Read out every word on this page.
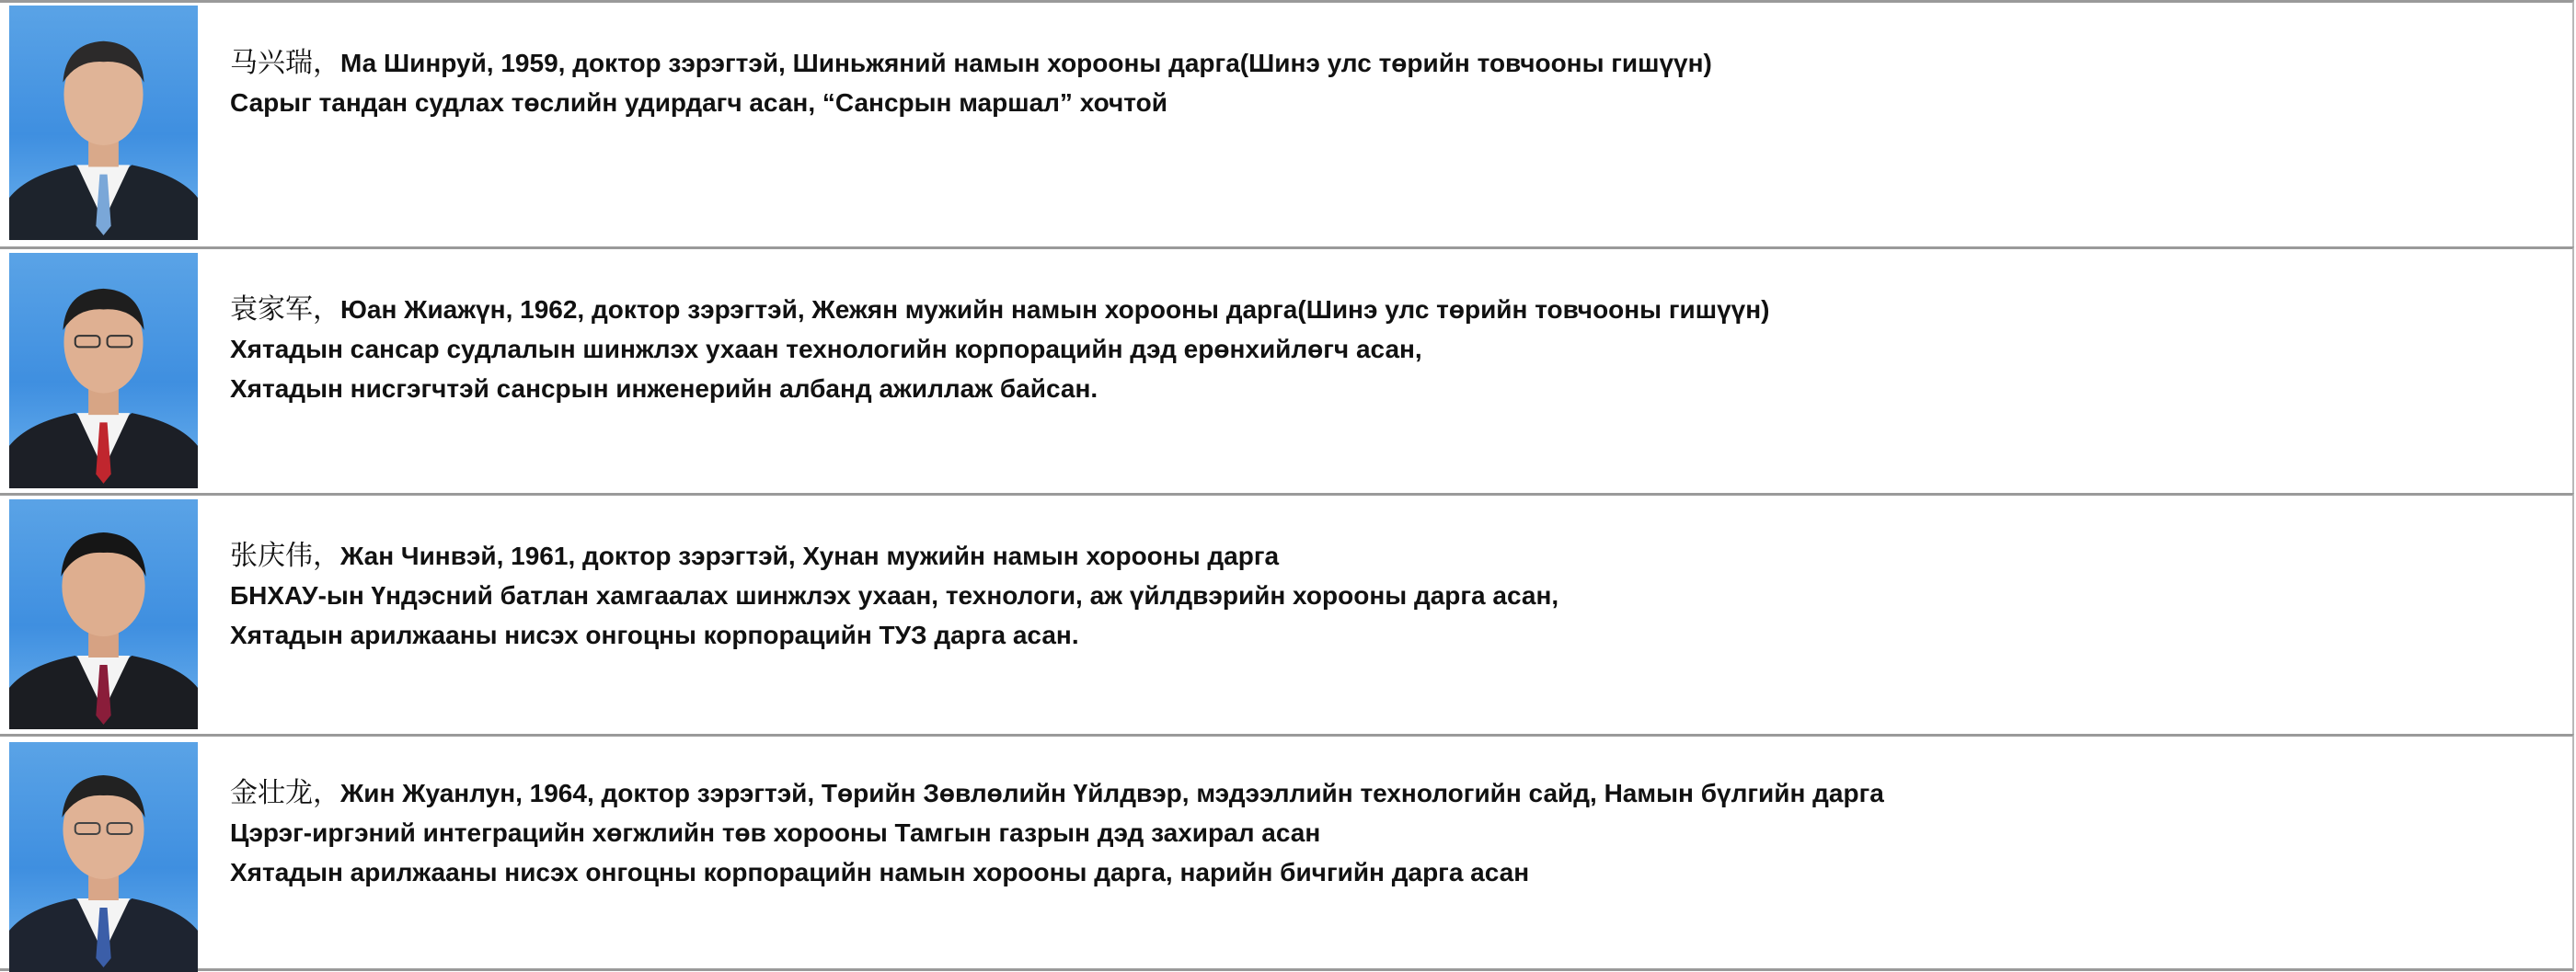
马兴瑞，Ма Шинруй, 1959, доктор зэрэгтэй, Шиньжяний намын хорооны дарга(Шинэ улс төрийн товчооны гишүүн)
Сарыг тандан судлах төслийн удирдагч асан, “Сансрын маршал” хочтой
袁家军，Юан Жиажүн, 1962, доктор зэрэгтэй, Жежян мужийн намын хорооны дарга(Шинэ улс төрийн товчооны гишүүн)
Хятадын сансар судлалын шинжлэх ухаан технологийн корпорацийн дэд ерөнхийлөгч асан,
Хятадын нисгэгчтэй сансрын инженерийн албанд ажиллаж байсан.
张庆伟，Жан Чинвэй, 1961, доктор зэрэгтэй, Хунан мужийн намын хорооны дарга
БНХАУ-ын Үндэсний батлан хамгаалах шинжлэх ухаан, технологи, аж үйлдвэрийн хорооны дарга асан,
Хятадын арилжааны нисэх онгоцны корпорацийн ТУЗ дарга асан.
金壮龙，Жин Жуанлун, 1964, доктор зэрэгтэй, Төрийн Зөвлөлийн Үйлдвэр, мэдээллийн технологийн сайд, Намын бүлгийн дарга
Цэрэг-иргэний интеграцийн хөгжлийн төв хорооны Тамгын газрын дэд захирал асан
Хятадын арилжааны нисэх онгоцны корпорацийн намын хорооны дарга, нарийн бичгийн дарга асан
